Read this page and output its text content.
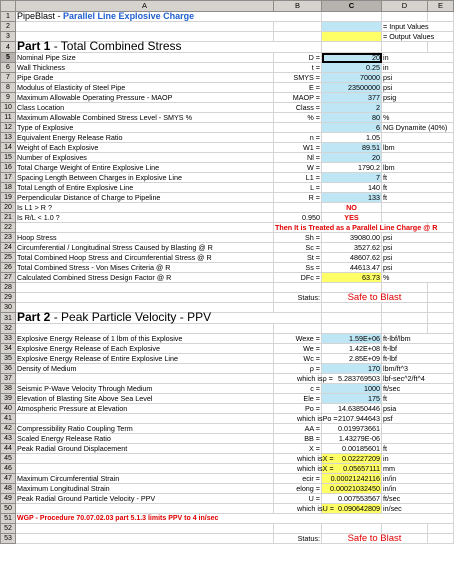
	A	B	C	D	E
1	PipeBlast - Parallel Line Explosive Charge				
2				= Input Values	
3				= Output Values	
4	Part 1 - Total Combined Stress				
5	Nominal Pipe Size	D =	20	in	
6	Wall Thickness	t =	0.25	in	
7	Pipe Grade	SMYS =	70000	psi	
8	Modulus of Elasticity of Steel Pipe	E =	23500000	psi	
9	Maximum Allowable Operating Pressure - MAOP	MAOP =	377	psig	
10	Class Location	Class =	2		
11	Maximum Allowable Combined Stress Level - SMYS %	% =	80	%	
12	Type of Explosive		6	NG Dynamite (40%)	
13	Equivalent Energy Release Ratio	n =	1.05		
14	Weight of Each Explosive	W1 =	89.51	lbm	
15	Number of Explosives	Nl =	20		
16	Total Charge Weight of Entire Explosive Line	W =	1790.2	lbm	
17	Spacing Length Between Charges in Explosive Line	L1 =	7	ft	
18	Total Length of Entire Explosive Line	L =	140	ft	
19	Perpendicular Distance of Charge to Pipeline	R =	133	ft	
20	Is L1 > R ?		NO		
21	Is R/L < 1.0 ?	0.950	YES		
22		Then It is Treated as a Parallel Line Charge @ R			
23	Hoop Stress	Sh =	39080.00	psi	
24	Circumferential / Longitudinal Stress Caused by Blasting @ R	Sc =	3527.62	psi	
25	Total Combined Hoop Stress and Circumferential Stress @ R	St =	48607.62	psi	
26	Total Combined Stress - Von Mises Criteria @ R	Ss =	44613.47	psi	
27	Calculated Combined Stress Design Factor @ R	DFc =	63.73	%	
28					
29		Status:	Safe to Blast		
30					
31	Part 2 - Peak Particle Velocity - PPV				
32					
33	Explosive Energy Release of 1 lbm of this Explosive	Wexe =	1.59E+06	ft-lbf/lbm	
34	Explosive Energy Release of Each Explosive	We =	1.42E+08	ft-lbf	
35	Explosive Energy Release of Entire Explosive Line	Wc =	2.85E+09	ft-lbf	
36	Density of Medium	ρ =	170	lbm/ft^3	
37		which is ρ =	5.283769503	lbf-sec^2/ft^4	
38	Seismic P-Wave Velocity Through Medium	c =	1000	ft/sec	
39	Elevation of Blasting Site Above Sea Level	Ele =	175	ft	
40	Atmospheric Pressure at Elevation	Po =	14.63850446	psia	
41		which is Po =	2107.944643	psf	
42	Compressibility Ratio Coupling Term	AA =	0.019973661		
43	Scaled Energy Release Ratio	BB =	1.43279E-06		
44	Peak Radial Ground Displacement	X =	0.00185601	ft	
45		which is X =	0.02227209	in	
46		which is X =	0.05657111	mm	
47	Maximum Circumferential Strain	ecir =	0.00021242116	in/in	
48	Maximum Longitudinal Strain	elong =	0.00021032450	in/in	
49	Peak Radial Ground Particle Velocity - PPV	U =	0.007553567	ft/sec	
50		which is U =	0.090642809	in/sec	
51	WGP - Procedure 70.07.02.03 part 5.1.3 limits PPV to 4 in/sec				
52					
53		Status:	Safe to Blast		
